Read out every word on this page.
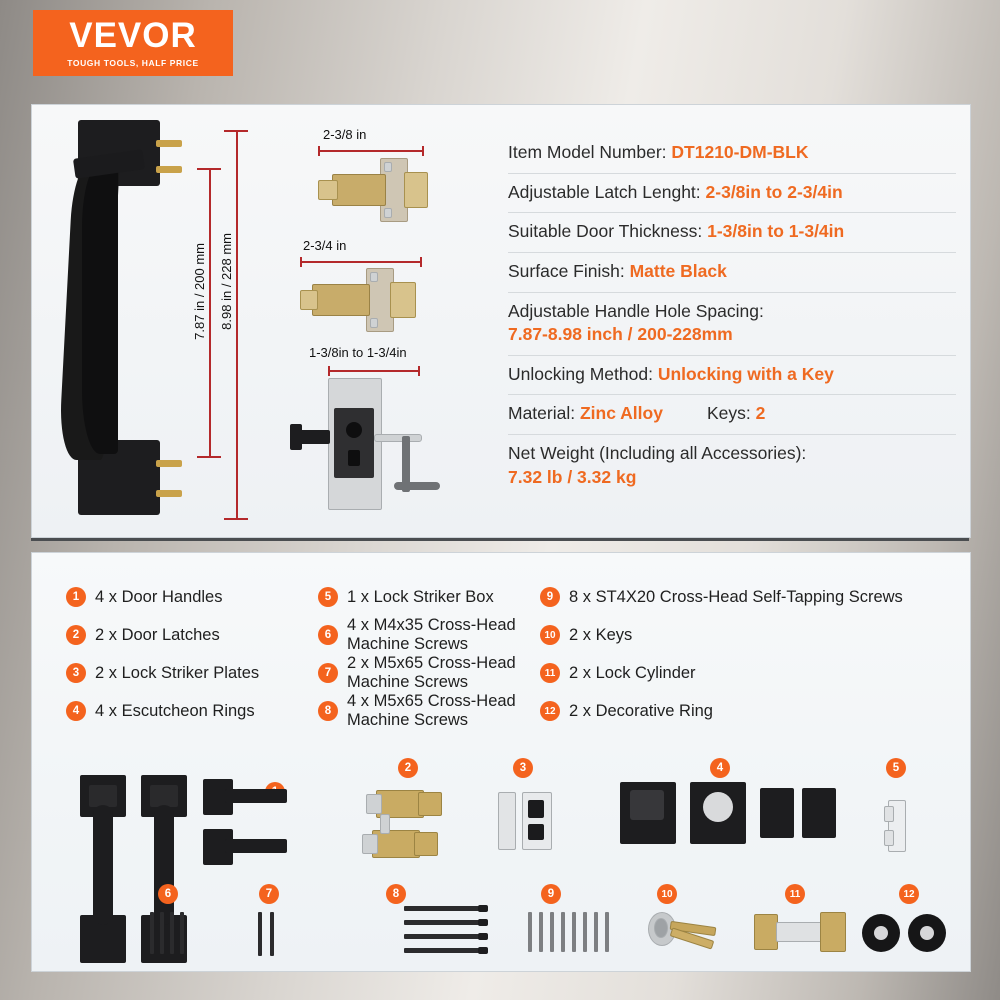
VEVOR
TOUGH TOOLS, HALF PRICE
7.87 in / 200 mm 8.98 in / 228 mm
2-3/8 in
2-3/4 in
1-3/8in to 1-3/4in
Item Model Number: DT1210-DM-BLK
Adjustable Latch Lenght: 2-3/8in to 2-3/4in
Suitable Door Thickness: 1-3/8in to 1-3/4in
Surface Finish: Matte Black
Adjustable Handle Hole Spacing:
7.87-8.98 inch / 200-228mm
Unlocking Method: Unlocking with a Key
Material: Zinc Alloy	Keys: 2
Net Weight (Including all Accessories):
7.32 lb / 3.32 kg
1 4 x Door Handles
2 2 x Door Latches
3 2 x Lock Striker Plates
4 4 x Escutcheon Rings
5 1 x Lock Striker Box
6
4 x M4x35 Cross-Head Machine Screws
7
2 x M5x65 Cross-Head Machine Screws
8
4 x M5x65 Cross-Head Machine Screws
9 8 x ST4X20 Cross-Head Self-Tapping Screws
10 2 x Keys
11 2 x Lock Cylinder
12 2 x Decorative Ring
2	3	4	5
6	7	8	9	10	11	12
